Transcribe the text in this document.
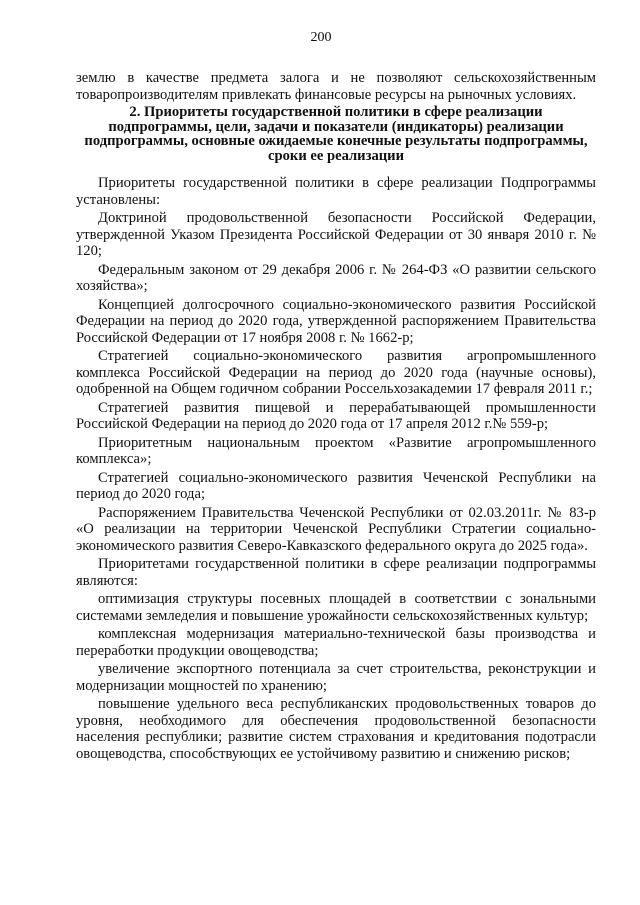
200

землю в качестве предмета залога и не позволяют сельскохозяйственным товаропроизводителям привлекать финансовые ресурсы на рыночных условиях.

2. Приоритеты государственной политики в сфере реализации подпрограммы, цели, задачи и показатели (индикаторы) реализации подпрограммы, основные ожидаемые конечные результаты подпрограммы, сроки ее реализации

Приоритеты государственной политики в сфере реализации Подпрограммы установлены:

Доктриной продовольственной безопасности Российской Федерации, утвержденной Указом Президента Российской Федерации от 30 января 2010 г. № 120;

Федеральным законом от 29 декабря 2006 г. № 264-ФЗ «О развитии сельского хозяйства»;

Концепцией долгосрочного социально-экономического развития Российской Федерации на период до 2020 года, утвержденной распоряжением Правительства Российской Федерации от 17 ноября 2008 г. № 1662-р;

Стратегией социально-экономического развития агропромышленного комплекса Российской Федерации на период до 2020 года (научные основы), одобренной на Общем годичном собрании Россельхозакадемии 17 февраля 2011 г.;

Стратегией развития пищевой и перерабатывающей промышленности Российской Федерации на период до 2020 года от 17 апреля 2012 г.№ 559-р;

Приоритетным национальным проектом «Развитие агропромышленного комплекса»;

Стратегией социально-экономического развития Чеченской Республики на период до 2020 года;

Распоряжением Правительства Чеченской Республики от 02.03.2011г. № 83-р «О реализации на территории Чеченской Республики Стратегии социально-экономического развития Северо-Кавказского федерального округа до 2025 года».

Приоритетами государственной политики в сфере реализации подпрограммы являются:

оптимизация структуры посевных площадей в соответствии с зональными системами земледелия и повышение урожайности сельскохозяйственных культур;

комплексная модернизация материально-технической базы производства и переработки продукции овощеводства;

увеличение экспортного потенциала за счет строительства, реконструкции и модернизации мощностей по хранению;

повышение удельного веса республиканских продовольственных товаров до уровня, необходимого для обеспечения продовольственной безопасности населения республики; развитие систем страхования и кредитования подотрасли овощеводства, способствующих ее устойчивому развитию и снижению рисков;
